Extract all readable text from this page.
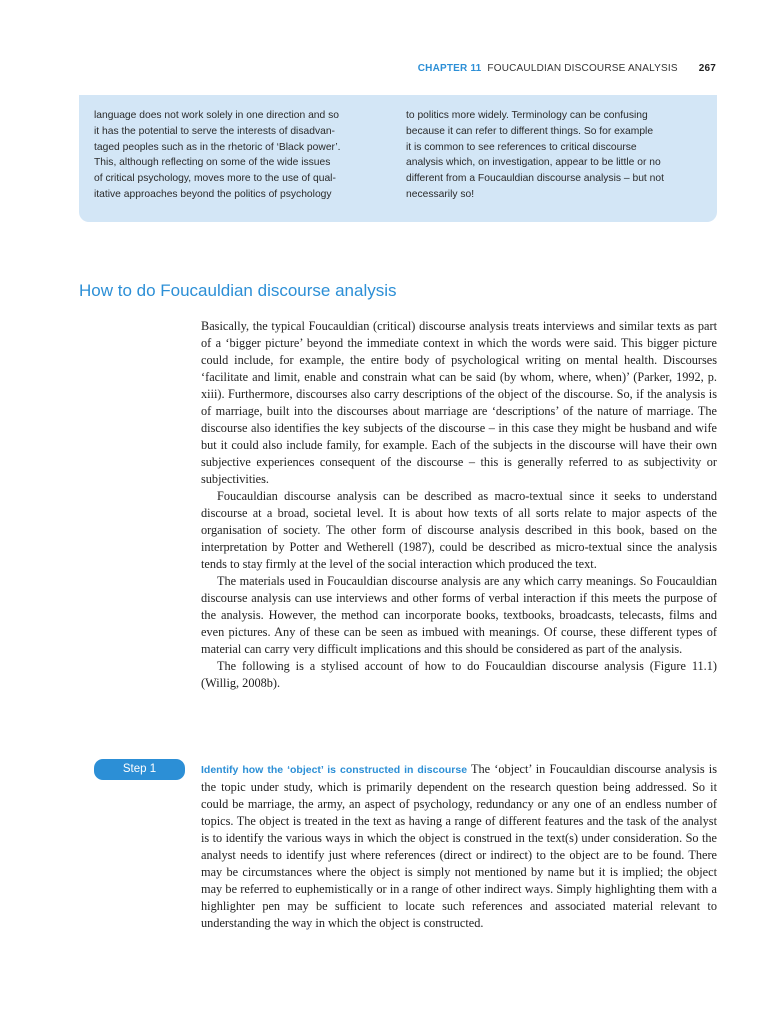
CHAPTER 11 FOUCAULDIAN DISCOURSE ANALYSIS 267
language does not work solely in one direction and so
it has the potential to serve the interests of disadvan-
taged peoples such as in the rhetoric of ‘Black power’.
This, although reflecting on some of the wide issues
of critical psychology, moves more to the use of qual-
itative approaches beyond the politics of psychology
to politics more widely. Terminology can be confusing
because it can refer to different things. So for example
it is common to see references to critical discourse
analysis which, on investigation, appear to be little or no
different from a Foucauldian discourse analysis – but not
necessarily so!
How to do Foucauldian discourse analysis

Basically, the typical Foucauldian (critical) discourse analysis treats interviews and similar texts as part of a ‘bigger picture’ beyond the immediate context in which the words were said. This bigger picture could include, for example, the entire body of psychological writing on mental health. Discourses ‘facilitate and limit, enable and constrain what can be said (by whom, where, when)’ (Parker, 1992, p. xiii). Furthermore, discourses also carry descriptions of the object of the discourse. So, if the analysis is of marriage, built into the discourses about marriage are ‘descriptions’ of the nature of marriage. The discourse also identifies the key subjects of the discourse – in this case they might be husband and wife but it could also include family, for example. Each of the subjects in the discourse will have their own subjective experiences consequent of the discourse – this is generally referred to as subjectivity or subjectivities.

Foucauldian discourse analysis can be described as macro-textual since it seeks to understand discourse at a broad, societal level. It is about how texts of all sorts relate to major aspects of the organisation of society. The other form of discourse analysis described in this book, based on the interpretation by Potter and Wetherell (1987), could be described as micro-textual since the analysis tends to stay firmly at the level of the social interaction which produced the text.

The materials used in Foucauldian discourse analysis are any which carry meanings. So Foucauldian discourse analysis can use interviews and other forms of verbal interaction if this meets the purpose of the analysis. However, the method can incorporate books, textbooks, broadcasts, telecasts, films and even pictures. Any of these can be seen as imbued with meanings. Of course, these different types of material can carry very difficult implications and this should be considered as part of the analysis.

The following is a stylised account of how to do Foucauldian discourse analysis (Figure 11.1) (Willig, 2008b).

Step 1	Identify how the ‘object’ is constructed in discourse The ‘object’ in Foucauldian discourse analysis is the topic under study, which is primarily dependent on the research question being addressed. So it could be marriage, the army, an aspect of psychology, redundancy or any one of an endless number of topics. The object is treated in the text as having a range of different features and the task of the analyst is to identify the various ways in which the object is construed in the text(s) under consideration. So the analyst needs to identify just where references (direct or indirect) to the object are to be found. There may be circumstances where the object is simply not mentioned by name but it is implied; the object may be referred to euphemistically or in a range of other indirect ways. Simply highlighting them with a highlighter pen may be sufficient to locate such references and associated material relevant to understanding the way in which the object is constructed.
